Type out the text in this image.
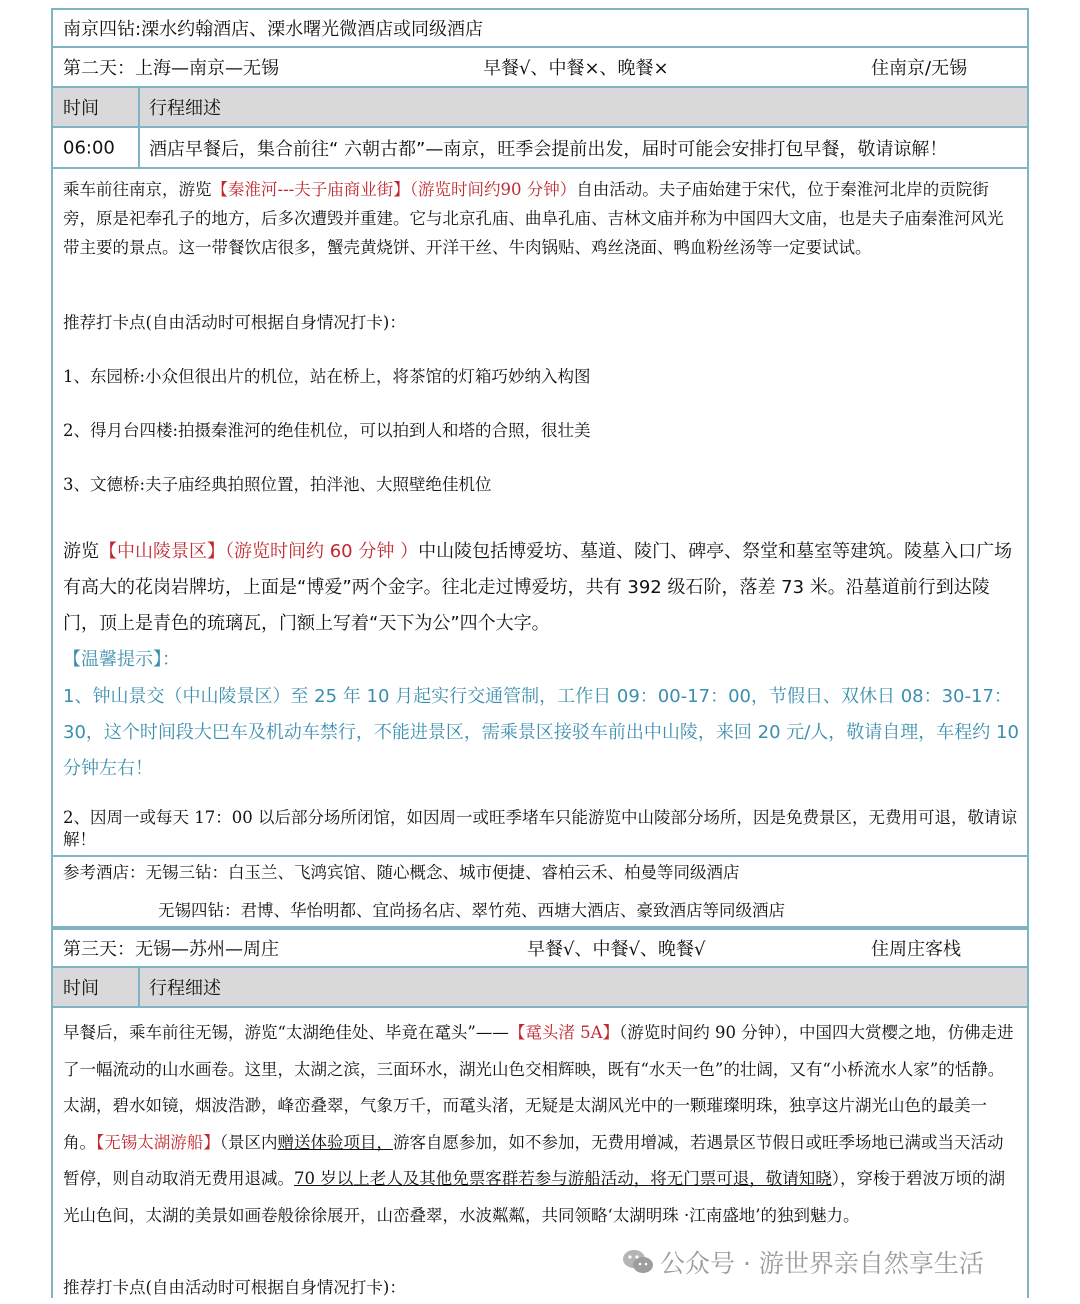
南京四钻:溧水约翰酒店、溧水曙光微酒店或同级酒店
第二天：上海—南京—无锡	早餐√、中餐×、晚餐×	住南京/无锡
时间	行程细述
06:00 酒店早餐后，集合前往“ 六朝古都”—南京，旺季会提前出发，届时可能会安排打包早餐，敬请谅解！

乘车前往南京，游览【秦淮河---夫子庙商业街】（游览时间约90 分钟）自由活动。夫子庙始建于宋代，位于秦淮河北岸的贡院街旁，原是祀奉孔子的地方，后多次遭毁并重建。它与北京孔庙、曲阜孔庙、吉林文庙并称为中国四大文庙，也是夫子庙秦淮河风光带主要的景点。这一带餐饮店很多，蟹壳黄烧饼、开洋干丝、牛肉锅贴、鸡丝浇面、鸭血粉丝汤等一定要试试。

推荐打卡点(自由活动时可根据自身情况打卡)：

1、东园桥:小众但很出片的机位，站在桥上，将茶馆的灯箱巧妙纳入构图

2、得月台四楼:拍摄秦淮河的绝佳机位，可以拍到人和塔的合照，很壮美

3、文德桥:夫子庙经典拍照位置，拍泮池、大照壁绝佳机位

游览【中山陵景区】（游览时间约 60 分钟 ）中山陵包括博爱坊、墓道、陵门、碑亭、祭堂和墓室等建筑。陵墓入口广场有高大的花岗岩牌坊，上面是“博爱”两个金字。往北走过博爱坊，共有 392 级石阶，落差 73 米。沿墓道前行到达陵门，顶上是青色的琉璃瓦，门额上写着“天下为公”四个大字。

【温馨提示】：

1、钟山景交（中山陵景区）至 25 年 10 月起实行交通管制，工作日 09：00-17：00，节假日、双休日 08：30-17：30，这个时间段大巴车及机动车禁行，不能进景区，需乘景区接驳车前出中山陵，来回 20 元/人，敬请自理，车程约 10 分钟左右！

2、因周一或每天 17：00 以后部分场所闭馆，如因周一或旺季堵车只能游览中山陵部分场所，因是免费景区，无费用可退，敬请谅解！

参考酒店：无锡三钻：白玉兰、飞鸿宾馆、随心概念、城市便捷、睿柏云禾、柏曼等同级酒店

无锡四钻：君博、华怡明都、宜尚扬名店、翠竹苑、西塘大酒店、豪致酒店等同级酒店

第三天：无锡—苏州—周庄	早餐√、中餐√、晚餐√	住周庄客栈
时间	行程细述

早餐后，乘车前往无锡，游览“太湖绝佳处、毕竟在鼋头”——【鼋头渚 5A】（游览时间约 90 分钟），中国四大赏樱之地，仿佛走进了一幅流动的山水画卷。这里，太湖之滨，三面环水，湖光山色交相辉映，既有“水天一色”的壮阔，又有“小桥流水人家”的恬静。太湖，碧水如镜，烟波浩渺，峰峦叠翠，气象万千，而鼋头渚，无疑是太湖风光中的一颗璀璨明珠，独享这片湖光山色的最美一角。【无锡太湖游船】（景区内赠送体验项目，游客自愿参加，如不参加，无费用增减，若遇景区节假日或旺季场地已满或当天活动暂停，则自动取消无费用退减。70 岁以上老人及其他免票客群若参与游船活动，将无门票可退，敬请知晓），穿梭于碧波万顷的湖光山色间，太湖的美景如画卷般徐徐展开，山峦叠翠，水波粼粼，共同领略‘太湖明珠 ·江南盛地’的独到魅力。

推荐打卡点(自由活动时可根据自身情况打卡)：

公众号 · 游世界亲自然享生活
